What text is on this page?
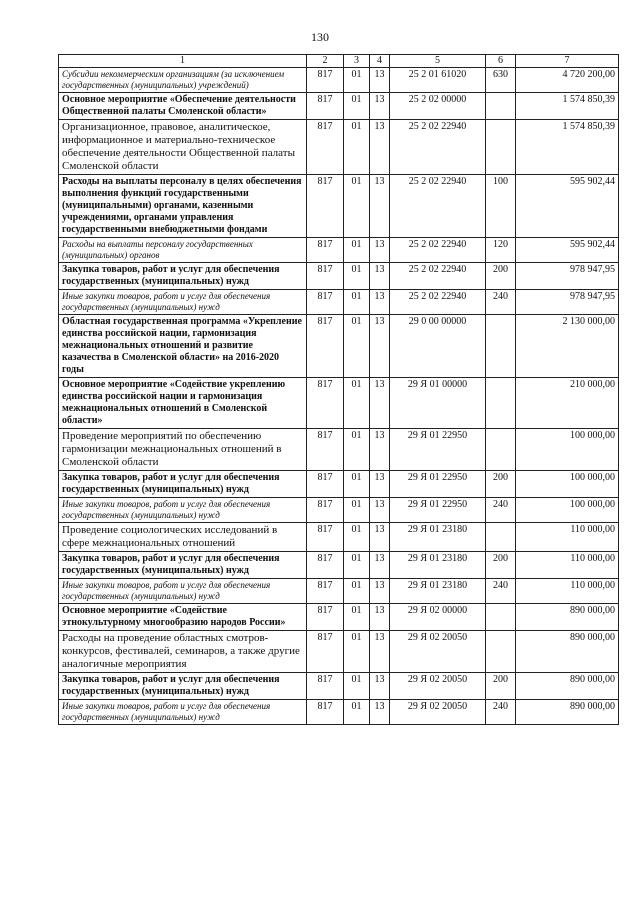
130
1	2	3	4	5	6	7
Субсидии некоммерческим организациям (за исключением государственных (муниципальных) учреждений)	817	01	13	25 2 01 61020	630	4 720 200,00
Основное мероприятие «Обеспечение деятельности Общественной палаты Смоленской области»	817	01	13	25 2 02 00000		1 574 850,39
Организационное, правовое, аналитическое, информационное и материально-техническое обеспечение деятельности Общественной палаты Смоленской области	817	01	13	25 2 02 22940		1 574 850,39
Расходы на выплаты персоналу в целях обеспечения выполнения функций государственными (муниципальными) органами, казенными учреждениями, органами управления государственными внебюджетными фондами	817	01	13	25 2 02 22940	100	595 902,44
Расходы на выплаты персоналу государственных (муниципальных) органов	817	01	13	25 2 02 22940	120	595 902,44
Закупка товаров, работ и услуг для обеспечения государственных (муниципальных) нужд	817	01	13	25 2 02 22940	200	978 947,95
Иные закупки товаров, работ и услуг для обеспечения государственных (муниципальных) нужд	817	01	13	25 2 02 22940	240	978 947,95
Областная государственная программа «Укрепление единства российской нации, гармонизация межнациональных отношений и развитие казачества в Смоленской области» на 2016-2020 годы	817	01	13	29 0 00 00000		2 130 000,00
Основное мероприятие «Содействие укреплению единства российской нации и гармонизация межнациональных отношений в Смоленской области»	817	01	13	29 Я 01 00000		210 000,00
Проведение мероприятий по обеспечению гармонизации межнациональных отношений в Смоленской области	817	01	13	29 Я 01 22950		100 000,00
Закупка товаров, работ и услуг для обеспечения государственных (муниципальных) нужд	817	01	13	29 Я 01 22950	200	100 000,00
Иные закупки товаров, работ и услуг для обеспечения государственных (муниципальных) нужд	817	01	13	29 Я 01 22950	240	100 000,00
Проведение социологических исследований в сфере межнациональных отношений	817	01	13	29 Я 01 23180		110 000,00
Закупка товаров, работ и услуг для обеспечения государственных (муниципальных) нужд	817	01	13	29 Я 01 23180	200	110 000,00
Иные закупки товаров, работ и услуг для обеспечения государственных (муниципальных) нужд	817	01	13	29 Я 01 23180	240	110 000,00
Основное мероприятие «Содействие этнокультурному многообразию народов России»	817	01	13	29 Я 02 00000		890 000,00
Расходы на проведение областных смотров-конкурсов, фестивалей, семинаров, а также другие аналогичные мероприятия	817	01	13	29 Я 02 20050		890 000,00
Закупка товаров, работ и услуг для обеспечения государственных (муниципальных) нужд	817	01	13	29 Я 02 20050	200	890 000,00
Иные закупки товаров, работ и услуг для обеспечения государственных (муниципальных) нужд	817	01	13	29 Я 02 20050	240	890 000,00
